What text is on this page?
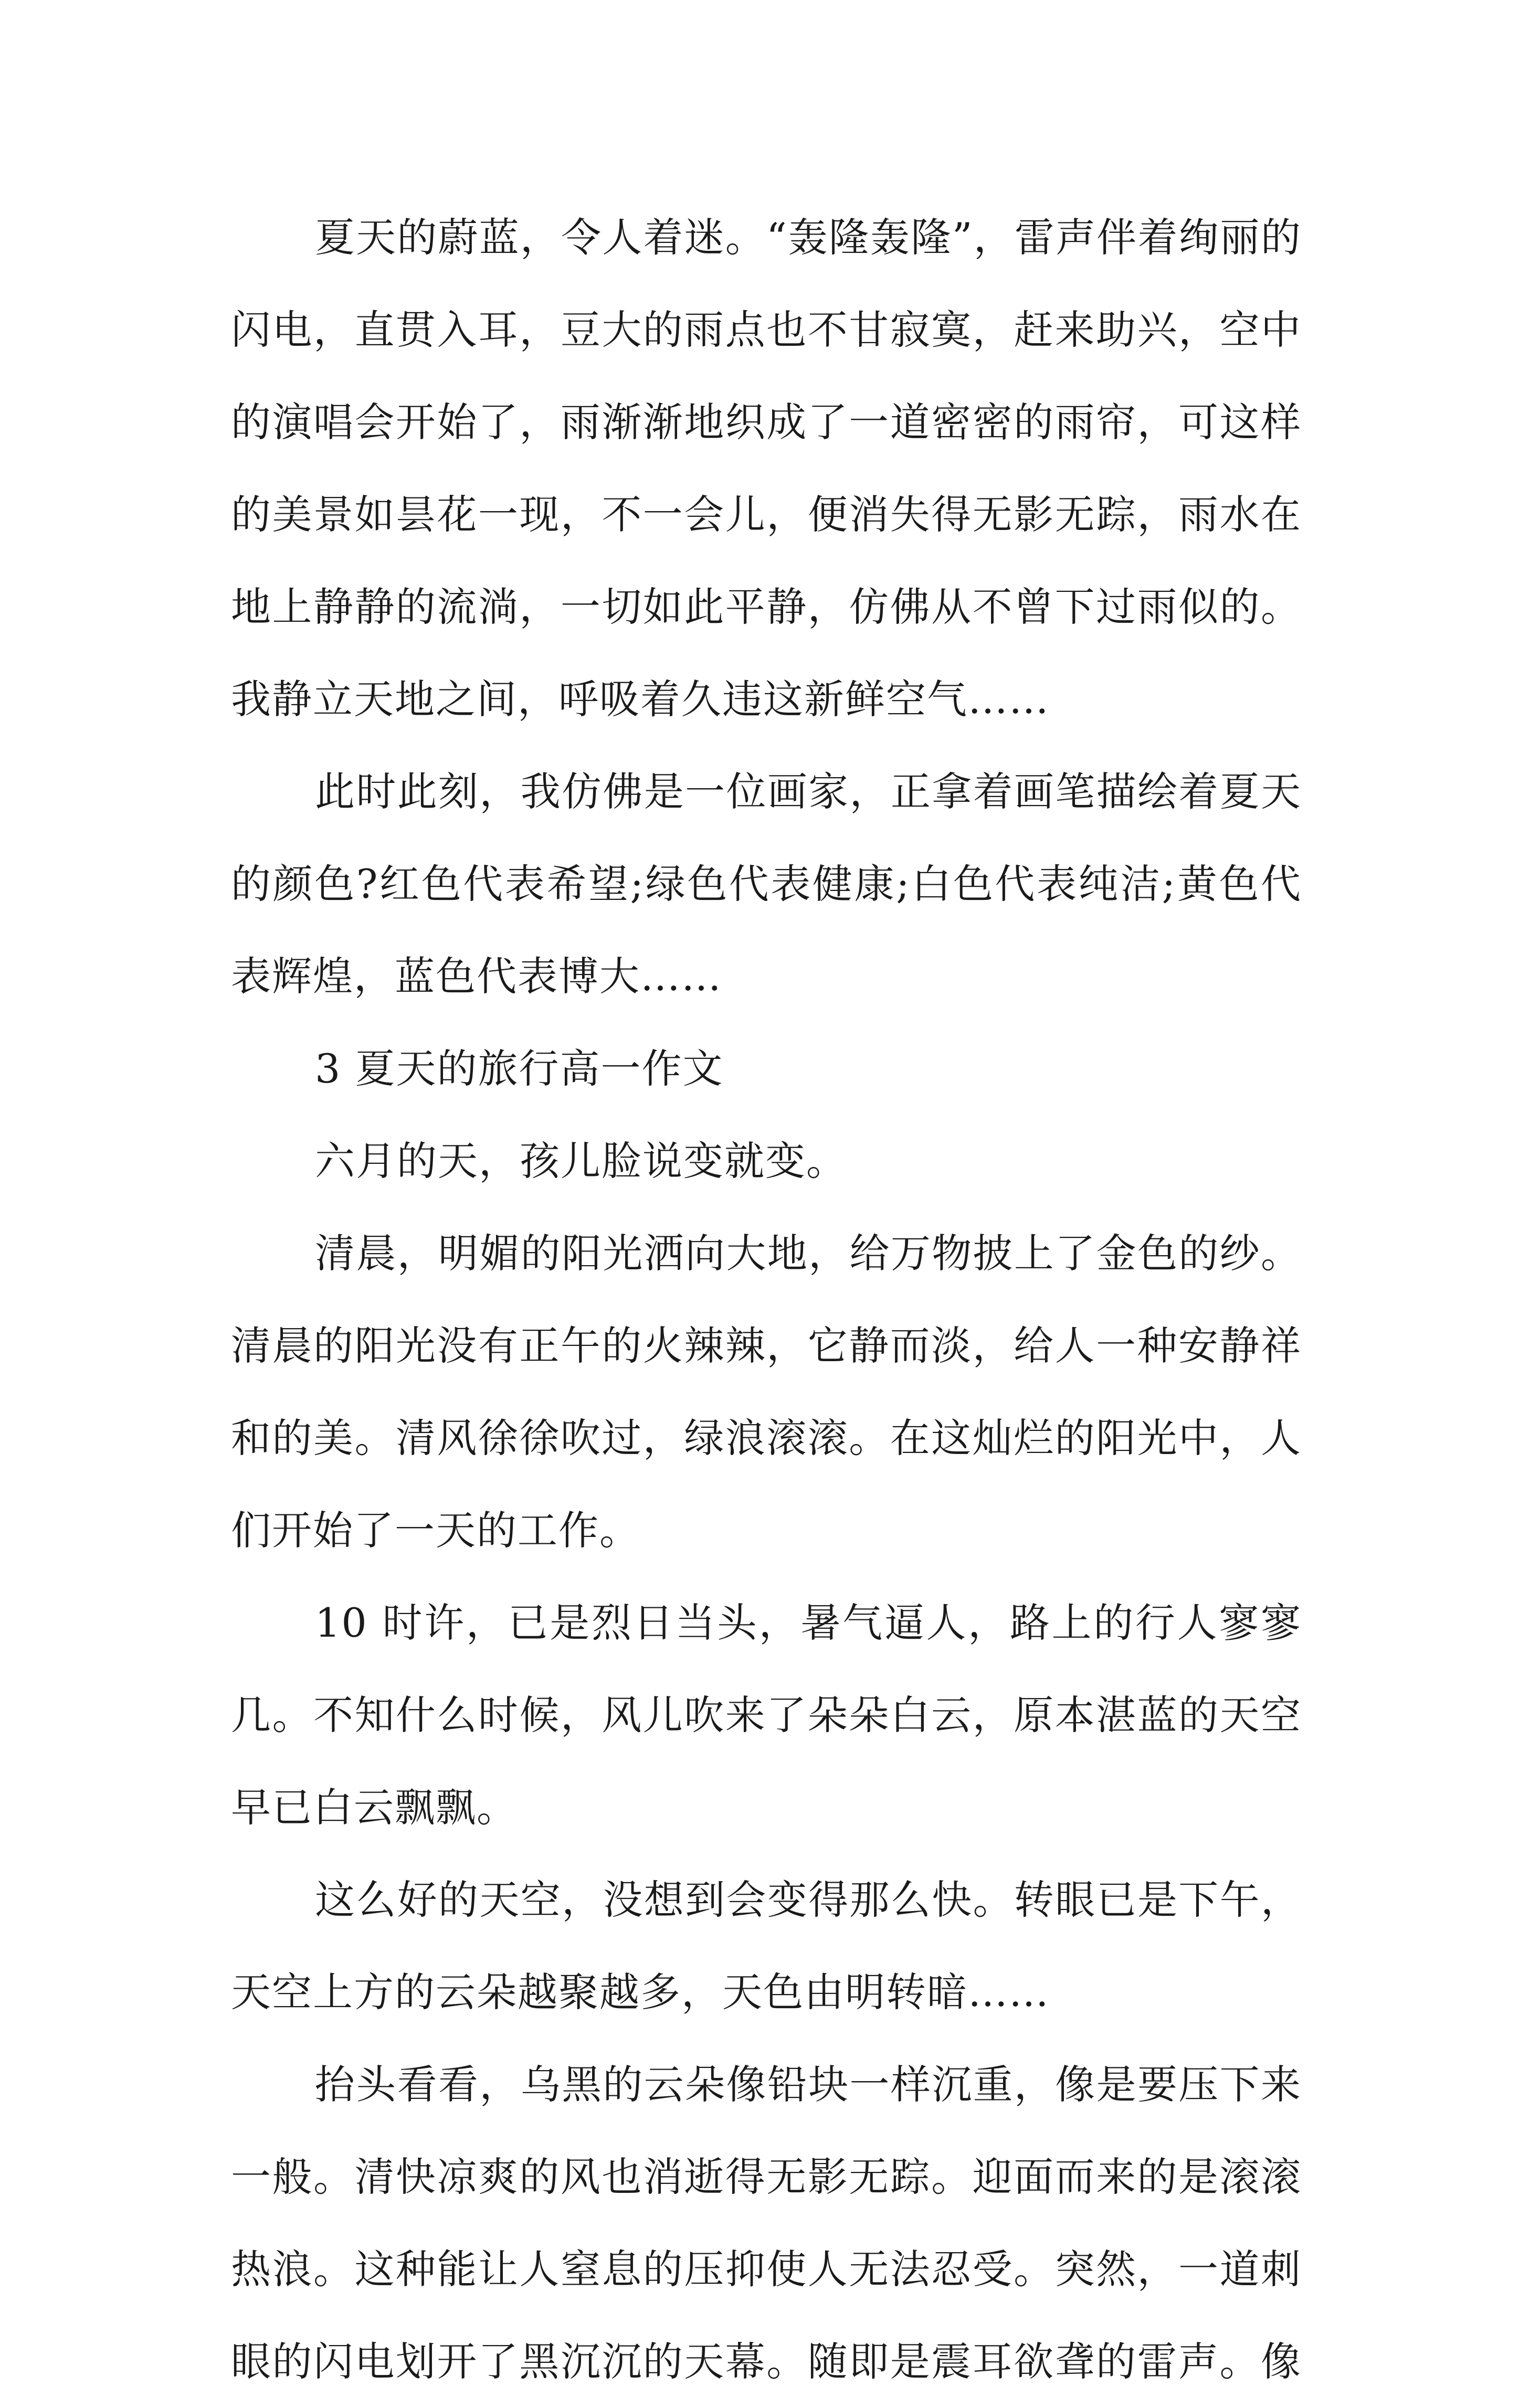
夏天的蔚蓝，令人着迷。“轰隆轰隆”，雷声伴着绚丽的
闪电，直贯入耳，豆大的雨点也不甘寂寞，赶来助兴，空中
的演唱会开始了，雨渐渐地织成了一道密密的雨帘，可这样
的美景如昙花一现，不一会儿，便消失得无影无踪，雨水在
地上静静的流淌，一切如此平静，仿佛从不曾下过雨似的。
我静立天地之间，呼吸着久违这新鲜空气……
此时此刻，我仿佛是一位画家，正拿着画笔描绘着夏天
的颜色?红色代表希望;绿色代表健康;白色代表纯洁;黄色代
表辉煌，蓝色代表博大……
3 夏天的旅行高一作文
六月的天，孩儿脸说变就变。
清晨，明媚的阳光洒向大地，给万物披上了金色的纱。
清晨的阳光没有正午的火辣辣，它静而淡，给人一种安静祥
和的美。清风徐徐吹过，绿浪滚滚。在这灿烂的阳光中，人
们开始了一天的工作。
10 时许，已是烈日当头，暑气逼人，路上的行人寥寥
几。不知什么时候，风儿吹来了朵朵白云，原本湛蓝的天空
早已白云飘飘。
这么好的天空，没想到会变得那么快。转眼已是下午，
天空上方的云朵越聚越多，天色由明转暗……
抬头看看，乌黑的云朵像铅块一样沉重，像是要压下来
一般。清快凉爽的风也消逝得无影无踪。迎面而来的是滚滚
热浪。这种能让人窒息的压抑使人无法忍受。突然，一道刺
眼的闪电划开了黑沉沉的天幕。随即是震耳欲聋的雷声。像
